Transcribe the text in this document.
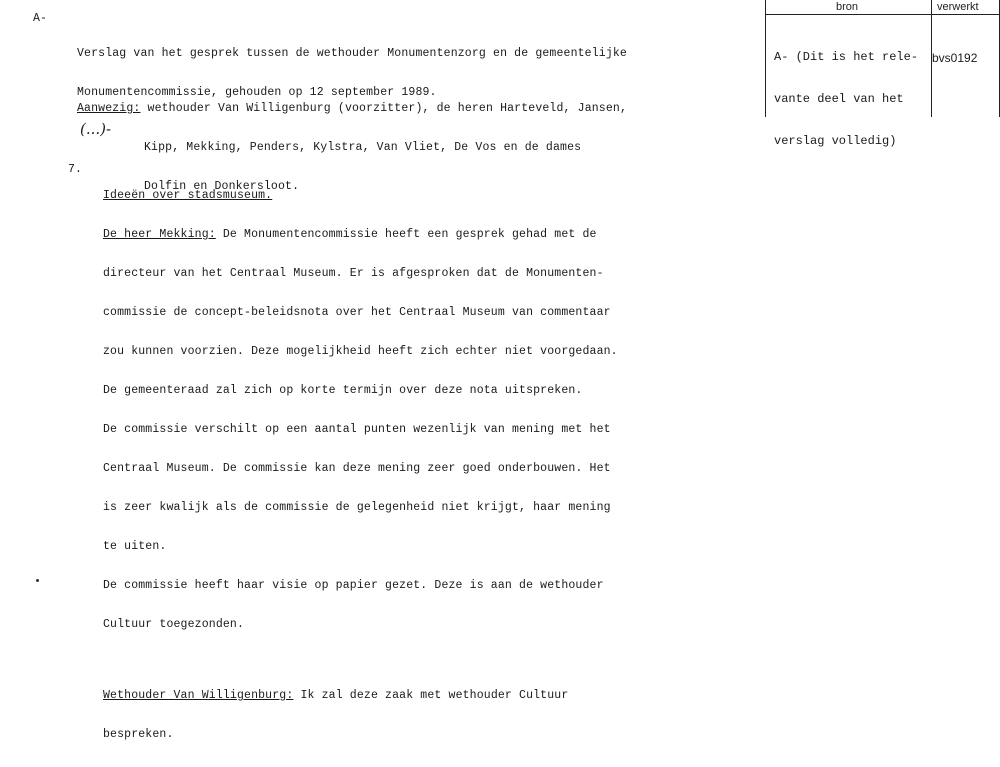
A-

Verslag van het gesprek tussen de wethouder Monumentenzorg en de gemeentelijke

Monumentencommissie, gehouden op 12 september 1989.

Aanwezig: wethouder Van Willigenburg (voorzitter), de heren Harteveld, Jansen,

Kipp, Mekking, Penders, Kylstra, Van Vliet, De Vos en de dames

Dolfin en Donkersloot.

(...)-
7.

Ideeën over stadsmuseum.

De heer Mekking: De Monumentencommissie heeft een gesprek gehad met de

directeur van het Centraal Museum. Er is afgesproken dat de Monumenten-

commissie de concept-beleidsnota over het Centraal Museum van commentaar

zou kunnen voorzien. Deze mogelijkheid heeft zich echter niet voorgedaan.

De gemeenteraad zal zich op korte termijn over deze nota uitspreken.

De commissie verschilt op een aantal punten wezenlijk van mening met het

Centraal Museum. De commissie kan deze mening zeer goed onderbouwen. Het

is zeer kwalijk als de commissie de gelegenheid niet krijgt, haar mening

te uiten.

De commissie heeft haar visie op papier gezet. Deze is aan de wethouder

Cultuur toegezonden.

Wethouder Van Willigenburg: Ik zal deze zaak met wethouder Cultuur

bespreken.

bron	verwerkt

A- (Dit is het rele-

vante deel van het

verslag volledig)

bvs0192
